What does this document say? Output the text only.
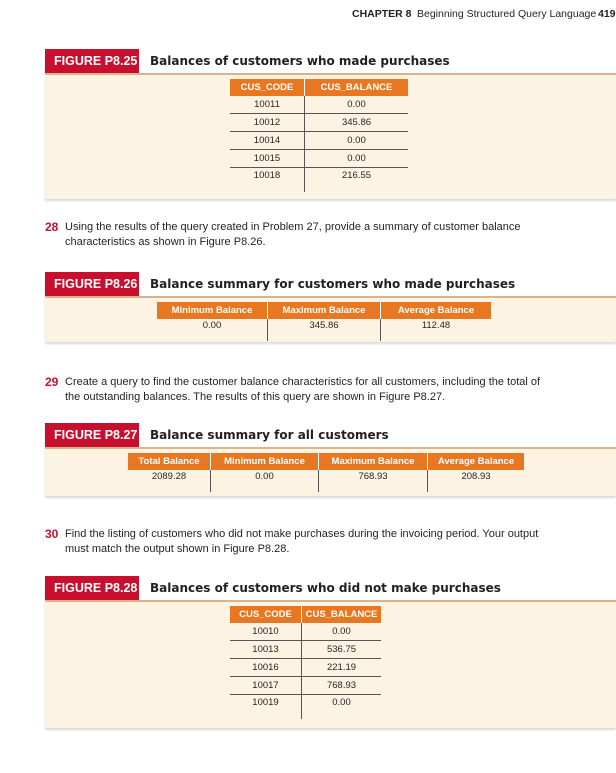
CHAPTER 8 Beginning Structured Query Language 419
FIGURE P8.25 Balances of customers who made purchases
CUS_CODE	CUS_BALANCE
10011	0.00
10012	345.86
10014	0.00
10015	0.00
10018	216.55
28 Using the results of the query created in Problem 27, provide a summary of customer balance
characteristics as shown in Figure P8.26.
FIGURE P8.26 Balance summary for customers who made purchases
Minimum Balance	Maximum Balance	Average Balance
0.00	345.86	112.48
29 Create a query to find the customer balance characteristics for all customers, including the total of
the outstanding balances. The results of this query are shown in Figure P8.27.
FIGURE P8.27 Balance summary for all customers
Total Balance	Minimum Balance	Maximum Balance	Average Balance
2089.28	0.00	768.93	208.93
30 Find the listing of customers who did not make purchases during the invoicing period. Your output
must match the output shown in Figure P8.28.
FIGURE P8.28 Balances of customers who did not make purchases
CUS_CODE	CUS_BALANCE
10010	0.00
10013	536.75
10016	221.19
10017	768.93
10019	0.00
